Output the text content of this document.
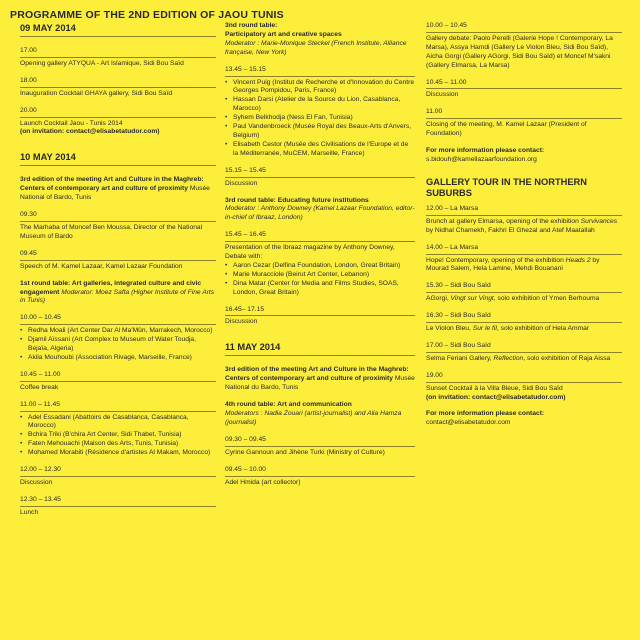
PROGRAMME OF THE 2ND EDITION OF JAOU TUNIS
09 MAY 2014
17.00

Opening gallery ATYQUA - Art Islamique, Sidi Bou Saïd

18.00

Inauguration Cocktail GHAYA gallery, Sidi Bou Saïd

20.00

Launch Cocktail Jaou - Tunis 2014

(on invitation: contact@elisabetatudor.com)

10 MAY 2014

3rd edition of the meeting Art and Culture in the Maghreb: Centers of contemporary art and culture of proximity Musée National of Bardo, Tunis

09.30

The Marhaba of Moncef Ben Moussa, Director of the National Museum of Bardo

09.45

Speech of M. Kamel Lazaar, Kamel Lazaar Foundation

1st round table: Art galleries, integrated culture and civic engagement Moderator: Moez Safta (Higher Institute of Fine Arts in Tunis)

10.00 – 10.45
• Redha Moali (Art Center Dar Al Ma'Mûn, Marrakech, Morocco)
• Djamil Aïssani (Art Complex to Museum of Water Toudja, Bejaïa, Algeria)
• Akila Mouhoubi (Association Rivage, Marseille, France)
10.45 – 11.00

Coffee break

11.00 – 11.45
• Adel Essadani (Abattoirs de Casablanca, Casablanca, Morocco)
• Bchira Triki (B'chira Art Center, Sidi Thabet, Tunisia)
• Faten Mehouachi (Maison des Arts, Tunis, Tunisia)
• Mohamed Morabiti (Résidence d'artistes Al Makam, Morocco)
12.00 – 12.30

Discussion

12.30 – 13.45

Lunch

3nd round table:

Participatory art and creative spaces

Moderator : Marie-Monique Steckel (French Institute, Alliance française, New York)

13.45 – 15.15
• Vincent Puig (Institut de Recherche et d'Innovation du Centre Georges Pompidou, Paris, France)
• Hassan Darsi (Atelier de la Source du Lion, Casablanca, Marocco)
• Syhem Belkhodja (Ness El Fan, Tunisia)
• Paul Vandenbroeck (Musée Royal des Beaux-Arts d'Anvers, Belgium)
• Elisabeth Cestor (Musée des Civilisations de l'Europe et de la Méditerranée, MuCEM, Marseille, France)
15.15 – 15.45

Discussion

3rd round table: Educating future institutions

Moderator : Anthony Downey (Kamel Lazaar Foundation, editor-in-chief of Ibraaz, London)

15.45 – 16.45

Presentation of the Ibraaz magazine by Anthony Downey, Debate with:

• Aaron Cezar (Delfina Foundation, London, Great Britain)
• Marie Muracciole (Beirut Art Center, Lebanon)
• Dina Matar (Center for Media and Films Studies, SOAS, London, Great Britain)
16.45– 17.15

Discussion

11 MAY 2014

3rd edition of the meeting Art and Culture in the Maghreb: Centers of contemporary art and culture of proximity Musée National du Bardo, Tunis

4th round table: Art and communication

Moderators : Nadia Zouari (artist-journalist) and Alia Hamza (journalist)

09.30 – 09.45

Cyrine Gannoun and Jihène Turki (Ministry of Culture)

09.45 – 10.00

Adel Hmida (art collector)

10.00 – 10.45

Gallery debate: Paolo Perelli (Galerie Hope ! Contemporary, La Marsa), Assya Hamdi (Gallery Le Violon Bleu, Sidi Bou Saïd), Aicha Gorgi (Gallery AGorgi, Sidi Bou Saïd) et Moncef M'sakni (Gallery Elmarsa, La Marsa)

10.45 – 11.00

Discussion

11.00

Closing of the meeting, M. Kamel Lazaar (President of Foundation)

For more information please contact:

s.bidouh@kamellazaarfoundation.org

GALLERY TOUR IN THE NORTHERN SUBURBS
12.00 – La Marsa

Brunch at gallery Elmarsa, opening of the exhibition Survivances by Nidhal Chamekh, Fakhri El Ghezal and Atef Maatallah

14.00 – La Marsa

Hope! Contemporary, opening of the exhibition Heads 2 by Mourad Salem, Hela Lamine, Mehdi Bouanani

15.30 – Sidi Bou Saïd

AGorgi, Vingt sur Vingt, solo exhibition of Ymen Berhouma

16.30 – Sidi Bou Saïd

Le Violon Bleu, Sur le fil, solo exhibition of Hela Ammar

17.00 – Sidi Bou Saïd

Selma Feriani Gallery, Reflection, solo exhibition of Raja Aissa

19.00

Sunset Cocktail à la Villa Bleue, Sidi Bou Saïd

(on invitation: contact@elisabetatudor.com)

For more information please contact:

contact@elisabetatudor.com
